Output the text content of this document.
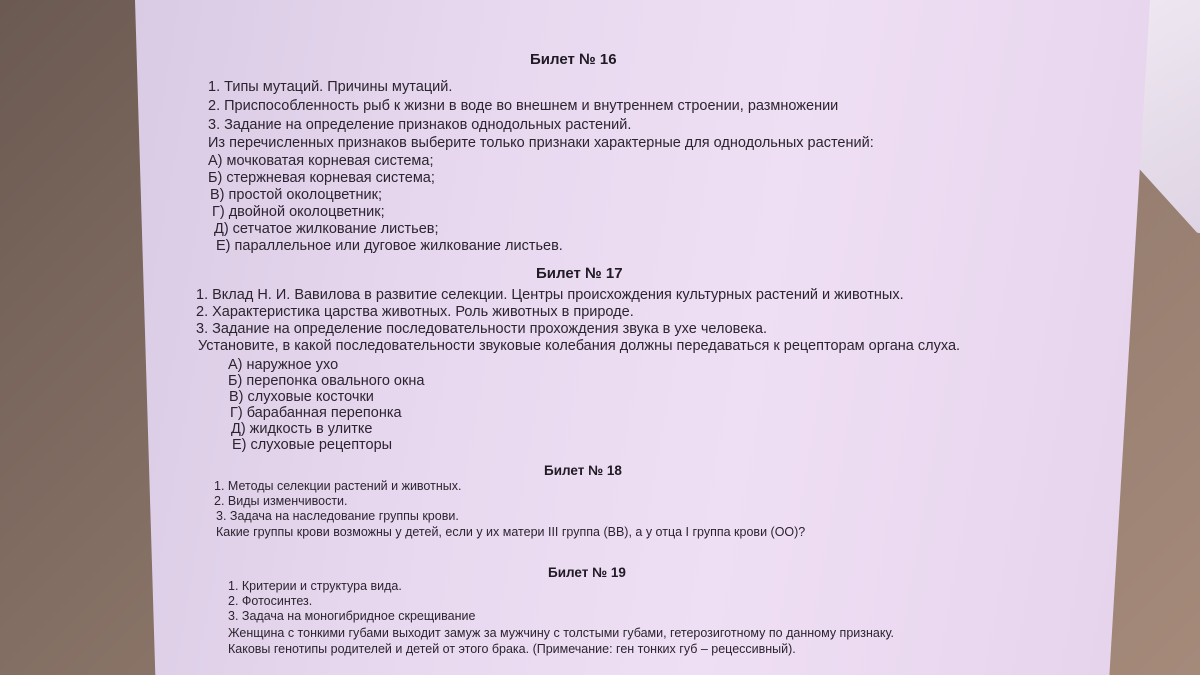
Билет № 16
1. Типы мутаций. Причины мутаций.
2. Приспособленность рыб к жизни в воде во внешнем и внутреннем строении, размножении
3. Задание на определение признаков однодольных растений.
Из перечисленных признаков выберите только признаки характерные для однодольных растений:
А) мочковатая корневая система;
Б) стержневая корневая система;
В) простой околоцветник;
Г) двойной околоцветник;
Д) сетчатое жилкование листьев;
Е) параллельное или дуговое жилкование листьев.
Билет № 17
1. Вклад Н. И. Вавилова в развитие селекции. Центры происхождения культурных растений и животных.
2. Характеристика царства животных. Роль животных в природе.
3. Задание на определение последовательности прохождения звука в ухе человека.
Установите, в какой последовательности звуковые колебания должны передаваться к рецепторам органа слуха.
А) наружное ухо
Б) перепонка овального окна
В) слуховые косточки
Г) барабанная перепонка
Д) жидкость в улитке
Е) слуховые рецепторы
Билет № 18
1. Методы селекции растений и животных.
2. Виды изменчивости.
3. Задача на наследование группы крови.
Какие группы крови возможны у детей, если у их матери III группа (ВВ), а у отца I группа крови (ОО)?
Билет № 19
1. Критерии и структура вида.
2. Фотосинтез.
3. Задача на моногибридное скрещивание
Женщина с тонкими губами выходит замуж за мужчину с толстыми губами, гетерозиготному по данному признаку.
Каковы генотипы родителей и детей от этого брака. (Примечание: ген тонких губ – рецессивный).
